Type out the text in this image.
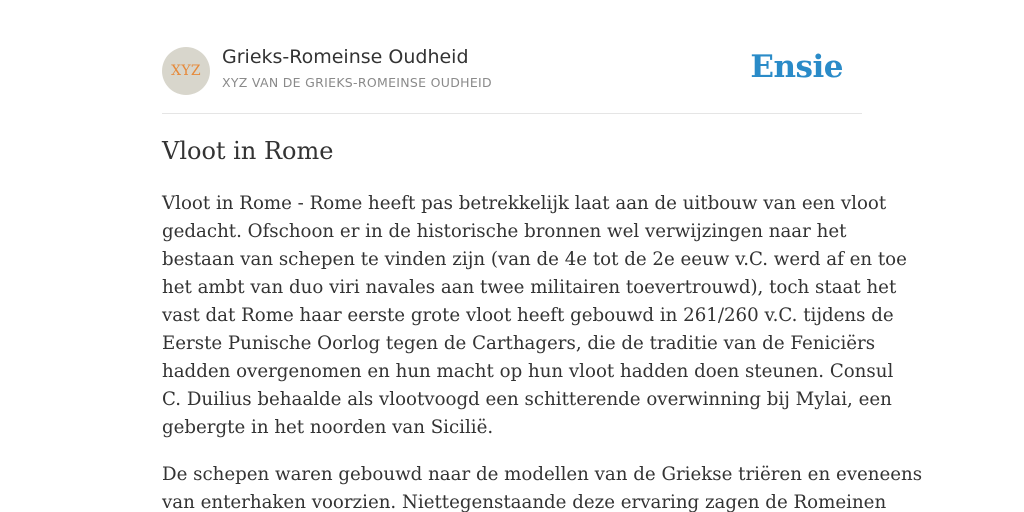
XYZ
Grieks-Romeinse Oudheid
XYZ VAN DE GRIEKS-ROMEINSE OUDHEID	Ensie
Vloot in Rome

Vloot in Rome - Rome heeft pas betrekkelijk laat aan de uitbouw van een vloot
gedacht. Ofschoon er in de historische bronnen wel verwijzingen naar het
bestaan van schepen te vinden zijn (van de 4e tot de 2e eeuw v.C. werd af en toe
het ambt van duo viri navales aan twee militairen toevertrouwd), toch staat het
vast dat Rome haar eerste grote vloot heeft gebouwd in 261/260 v.C. tijdens de
Eerste Punische Oorlog tegen de Carthagers, die de traditie van de Feniciërs
hadden overgenomen en hun macht op hun vloot hadden doen steunen. Consul
C. Duilius behaalde als vlootvoogd een schitterende overwinning bij Mylai, een
gebergte in het noorden van Sicilië.

De schepen waren gebouwd naar de modellen van de Griekse triëren en eveneens
van enterhaken voorzien. Niettegenstaande deze ervaring zagen de Romeinen
